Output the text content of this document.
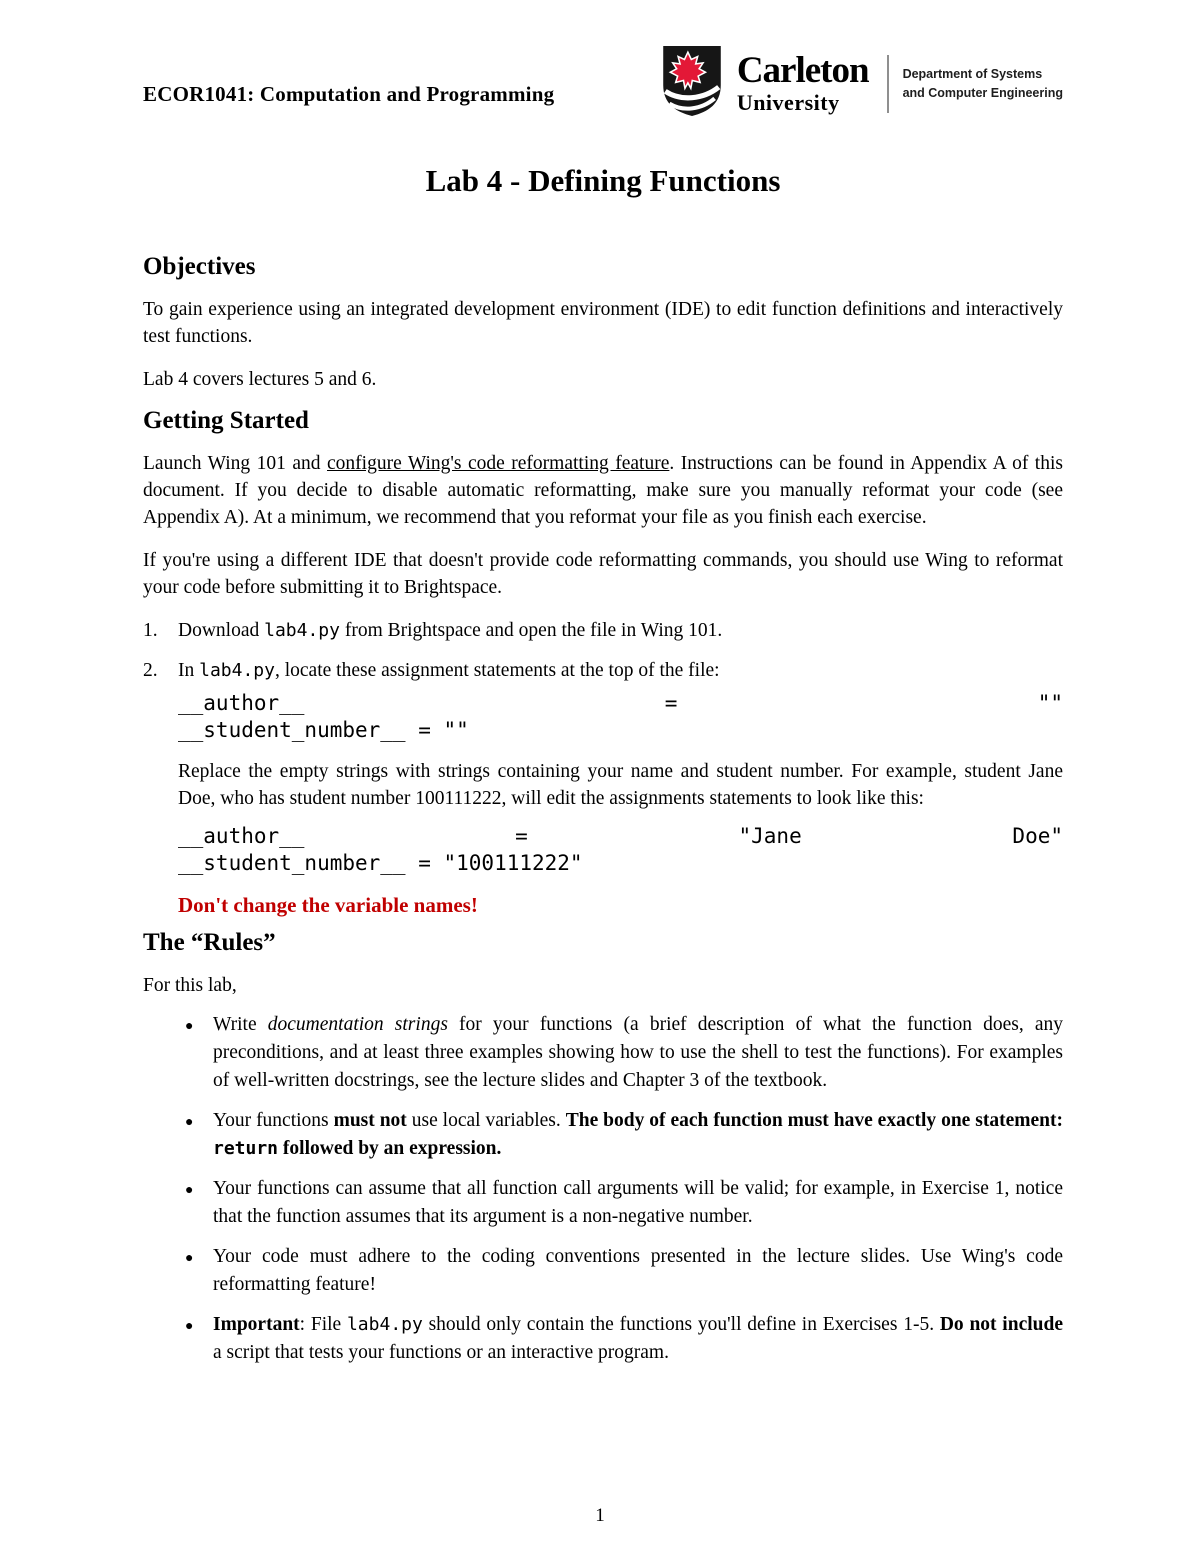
ECOR1041: Computation and Programming
Carleton
University
Department of Systems
and Computer Engineering
Lab 4 - Defining Functions
Objectives

To gain experience using an integrated development environment (IDE) to edit function definitions and interactively test functions.

Lab 4 covers lectures 5 and 6.

Getting Started

Launch Wing 101 and configure Wing's code reformatting feature. Instructions can be found in Appendix A of this document. If you decide to disable automatic reformatting, make sure you manually reformat your code (see Appendix A). At a minimum, we recommend that you reformat your file as you finish each exercise.

If you're using a different IDE that doesn't provide code reformatting commands, you should use Wing to reformat your code before submitting it to Brightspace.

1.	Download lab4.py from Brightspace and open the file in Wing 101.
2.	In lab4.py, locate these assignment statements at the top of the file:
__author__	=	""
__student_number__ = ""

Replace the empty strings with strings containing your name and student number. For example, student Jane Doe, who has student number 100111222, will edit the assignments statements to look like this:

__author__	=	"Jane	Doe"
__student_number__ = "100111222"
Don't change the variable names!
The “Rules”

For this lab,

●	Write documentation strings for your functions (a brief description of what the function does, any preconditions, and at least three examples showing how to use the shell to test the functions). For examples of well-written docstrings, see the lecture slides and Chapter 3 of the textbook.
●	Your functions must not use local variables. The body of each function must have exactly one statement: return followed by an expression.
●	Your functions can assume that all function call arguments will be valid; for example, in Exercise 1, notice that the function assumes that its argument is a non-negative number.
●	Your code must adhere to the coding conventions presented in the lecture slides. Use Wing's code reformatting feature!
●	Important: File lab4.py should only contain the functions you'll define in Exercises 1-5. Do not include a script that tests your functions or an interactive program.
1
